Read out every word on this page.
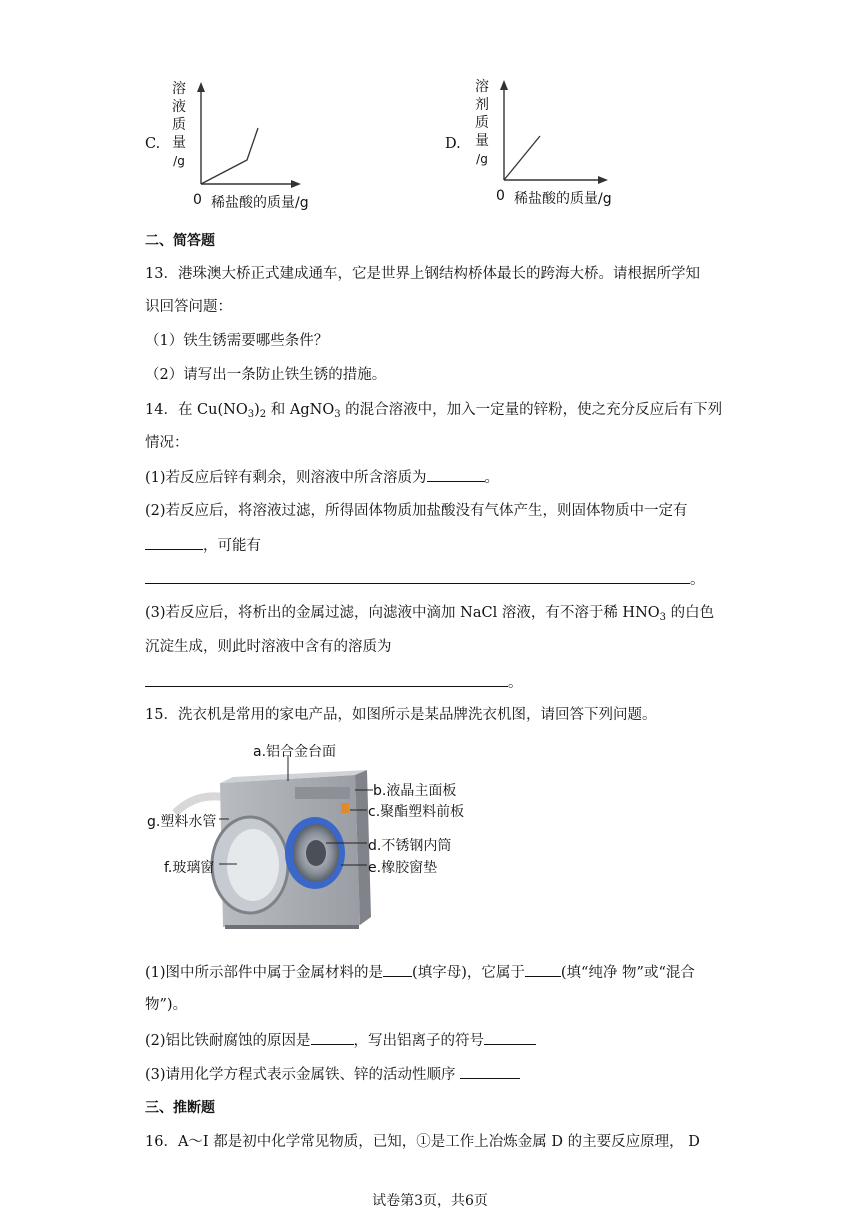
C.
溶
液
质
量
/g
0 稀盐酸的质量/g
D.
溶
剂
质
量
/g
0 稀盐酸的质量/g
二、简答题
13．港珠澳大桥正式建成通车，它是世界上钢结构桥体最长的跨海大桥。请根据所学知
识回答问题：
（1）铁生锈需要哪些条件？
（2）请写出一条防止铁生锈的措施。
14．在 $Cu(NO_3)_2$ 和 AgNO$_3$ 的混合溶液中，加入一定量的锌粉，使之充分反应后有下列
情况：
(1)若反应后锌有剩余，则溶液中所含溶质为	。
(2)若反应后，将溶液过滤，所得固体物质加盐酸没有气体产生，则固体物质中一定有
，可能有
。
(3)若反应后，将析出的金属过滤，向滤液中滴加 NaCl 溶液，有不溶于稀 $HNO_3$ 的白色
沉淀生成，则此时溶液中含有的溶质为
。
15．洗衣机是常用的家电产品，如图所示是某品牌洗衣机图，请回答下列问题。
a.铝合金台面
b.液晶主面板
c.聚酯塑料前板
g.塑料水管
d.不锈钢内筒
f.玻璃窗	e.橡胶窗垫
(1)图中所示部件中属于金属材料的是 (填字母)，它属于 (填“纯净 物”或“混合
物”)。
(2)铝比铁耐腐蚀的原因是	，写出铝离子的符号
(3)请用化学方程式表示金属铁、锌的活动性顺序
三、推断题
16．A～I 都是初中化学常见物质，已知，①是工作上冶炼金属 D 的主要反应原理， D
试卷第3页，共6页
